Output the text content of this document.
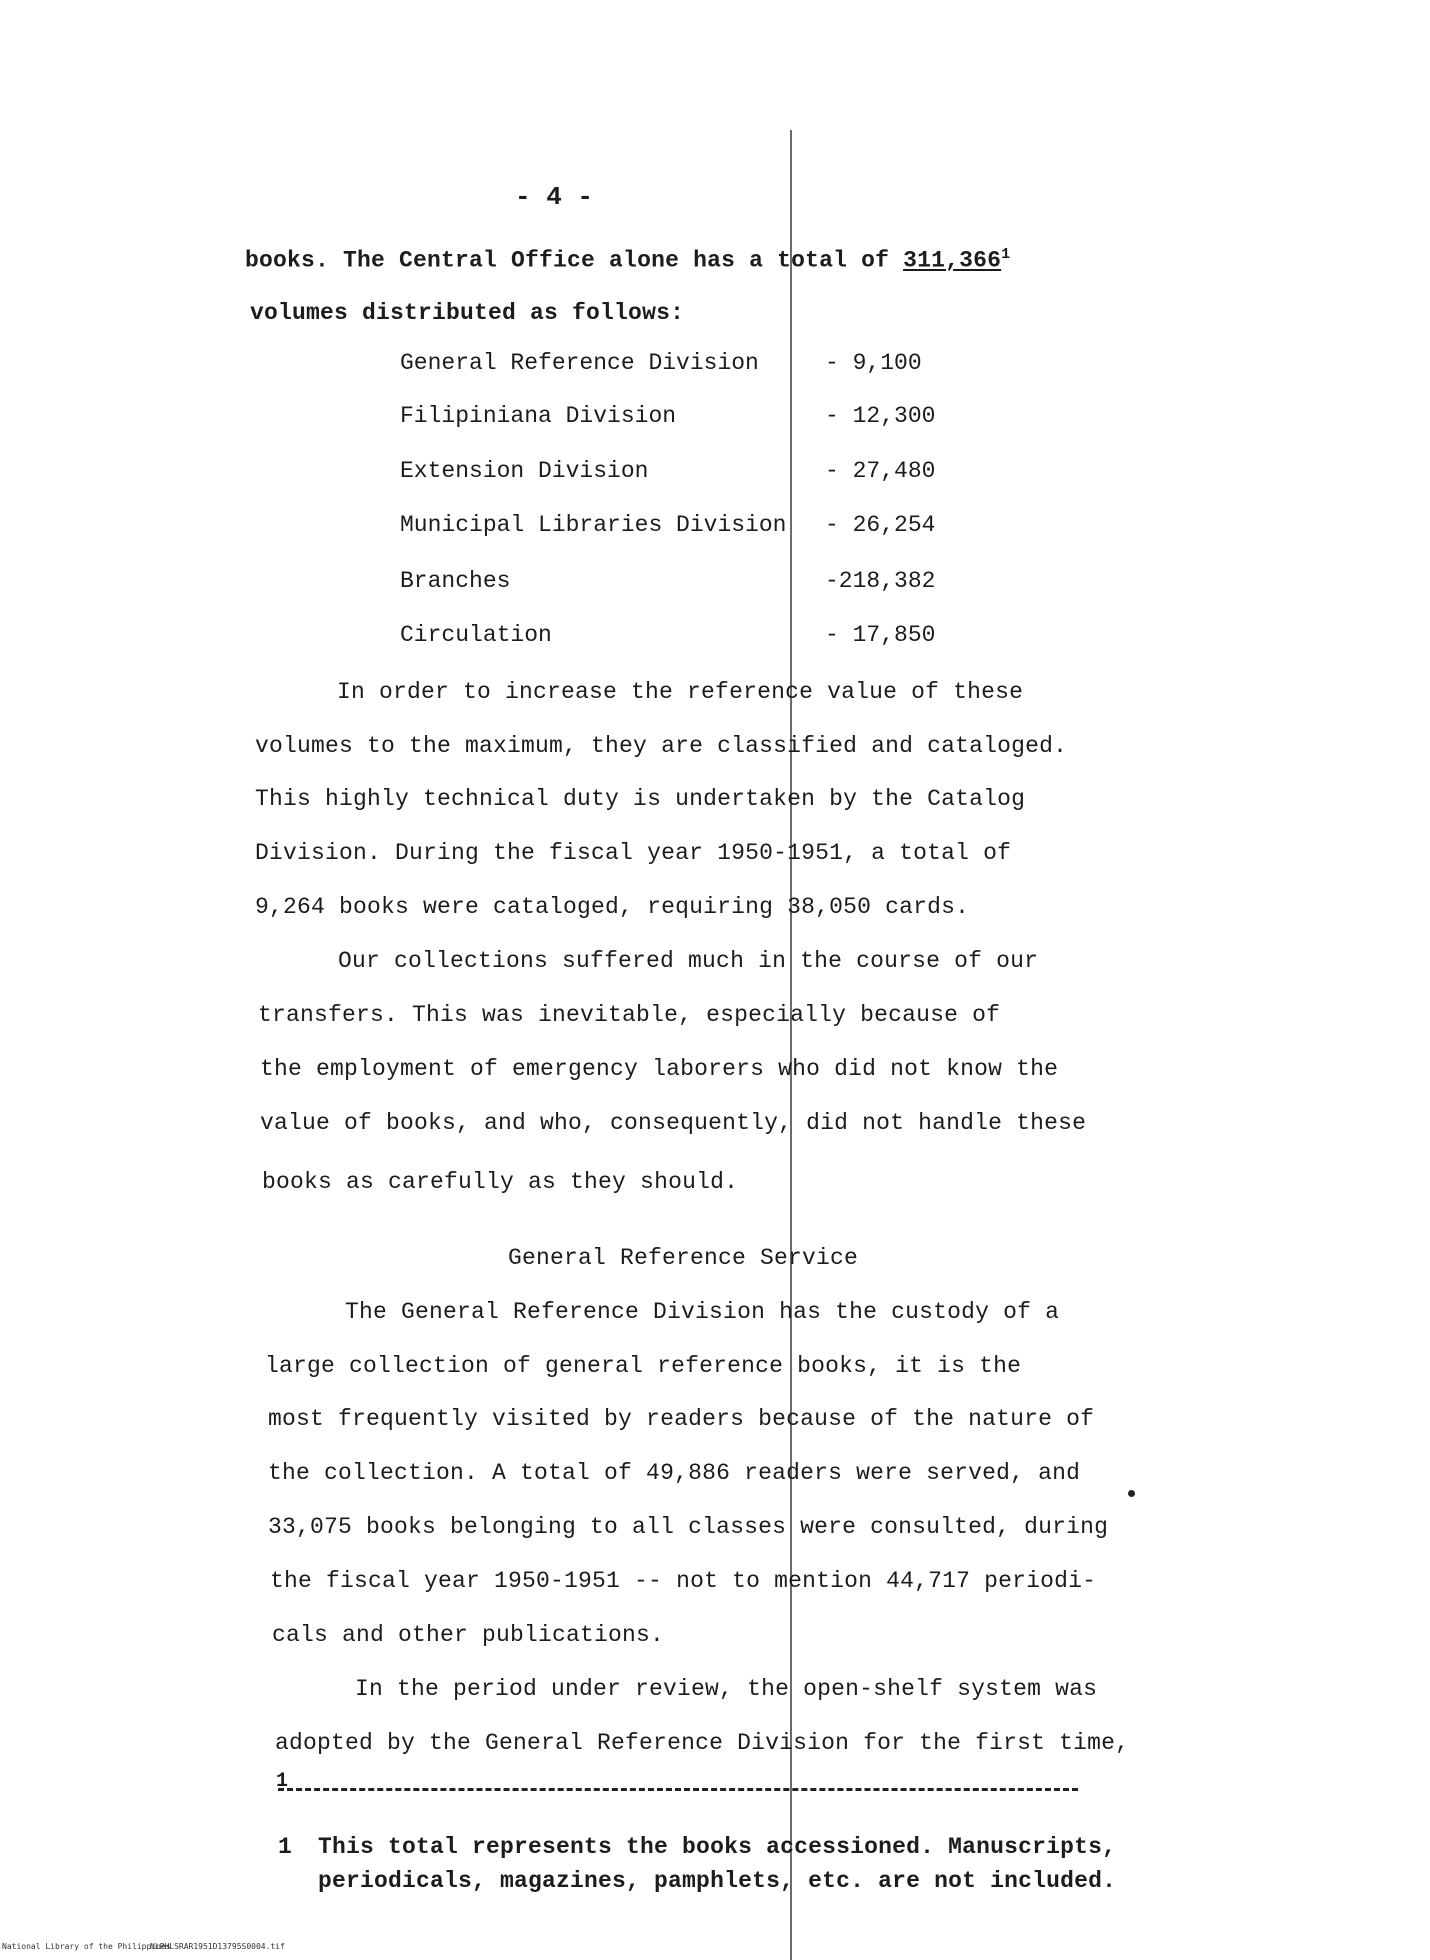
- 4 -
books. The Central Office alone has a total of 311,366$^1$
volumes distributed as follows:
General Reference Division	- 9,100
Filipiniana Division	- 12,300
Extension Division	- 27,480
Municipal Libraries Division - 26,254
Branches	-218,382
Circulation	- 17,850
In order to increase the reference value of these
volumes to the maximum, they are classified and cataloged.
This highly technical duty is undertaken by the Catalog
Division. During the fiscal year 1950-1951, a total of
9,264 books were cataloged, requiring 38,050 cards.
Our collections suffered much in the course of our
transfers. This was inevitable, especially because of
the employment of emergency laborers who did not know the
value of books, and who, consequently, did not handle these
books as carefully as they should.
General Reference Service
The General Reference Division has the custody of a
large collection of general reference books, it is the
most frequently visited by readers because of the nature of
the collection. A total of 49,886 readers were served, and
33,075 books belonging to all classes were consulted, during
the fiscal year 1950-1951 -- not to mention 44,717 periodi-
cals and other publications.
In the period under review, the open-shelf system was
adopted by the General Reference Division for the first time,
1
1 This total represents the books accessioned. Manuscripts,
periodicals, magazines, pamphlets, etc. are not included.
National Library of the Philippines
NLPHLSRAR1951D13795S0004.tif
